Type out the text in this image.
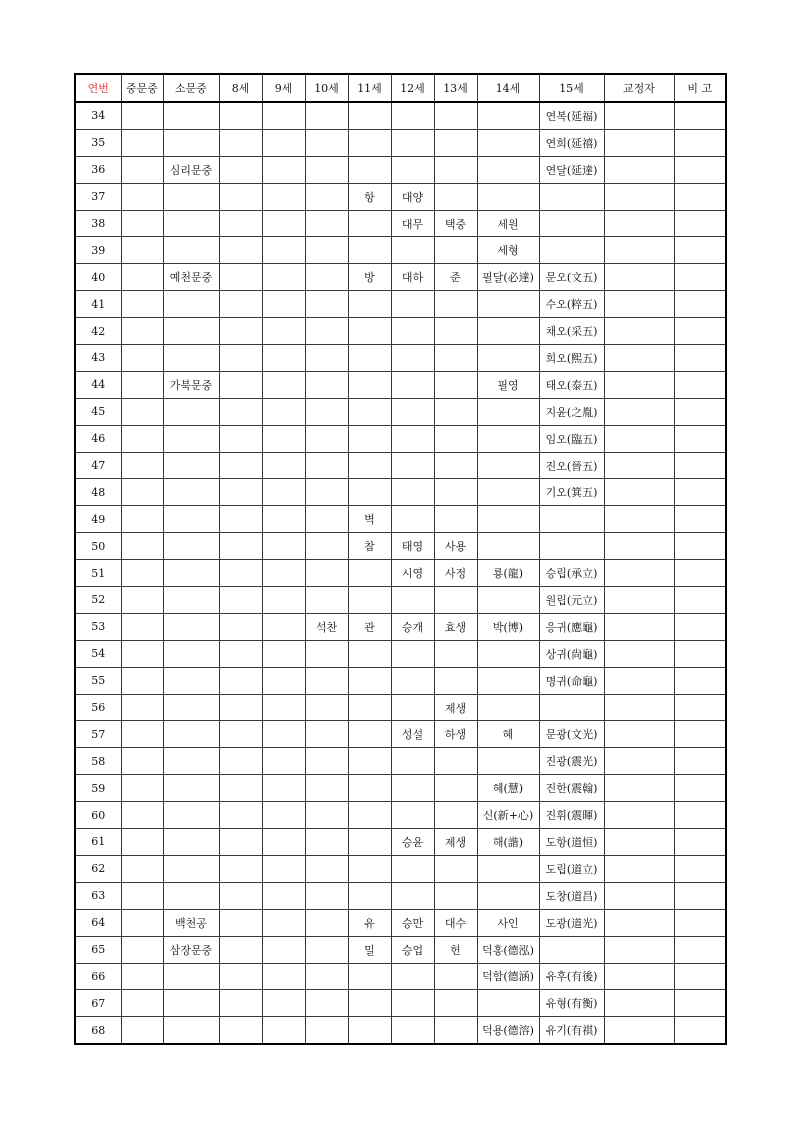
연번	중문중	소문중	8세	9세	10세	11세	12세	13세	14세	15세	교정자	비 고
34										연복(延福)		
35										연희(延禧)		
36		심리문중								연달(延達)		
37						항	대양					
38							대무	택중	세원			
39									세형			
40		예천문중				방	대하	준	필달(必達)	문오(文五)		
41										수오(粹五)		
42										채오(采五)		
43										희오(熙五)		
44		가북문중							필영	태오(泰五)		
45										지윤(之胤)		
46										임오(臨五)		
47										진오(晉五)		
48										기오(箕五)		
49						벽						
50						참	태영	사용				
51							시영	사정	룡(龍)	승립(承立)		
52										원립(元立)		
53					석찬	관	승개	효생	박(博)	응귀(應龜)		
54										상귀(尙龜)		
55										명귀(命龜)		
56								제생				
57							성설	하생	혜	문광(文光)		
58										진광(震光)		
59									혜(慧)	진한(震翰)		
60									신(新+心)	진휘(震暉)		
61							승윤	제생	해(諧)	도항(道恒)		
62										도립(道立)		
63										도창(道昌)		
64		백천공				유	승만	대수	사인	도광(道光)		
65		삼장문중				밀	승업	헌	덕홍(德泓)			
66									덕함(德涵)	유후(有後)		
67										유형(有衡)		
68									덕용(德溶)	유기(有祺)		
